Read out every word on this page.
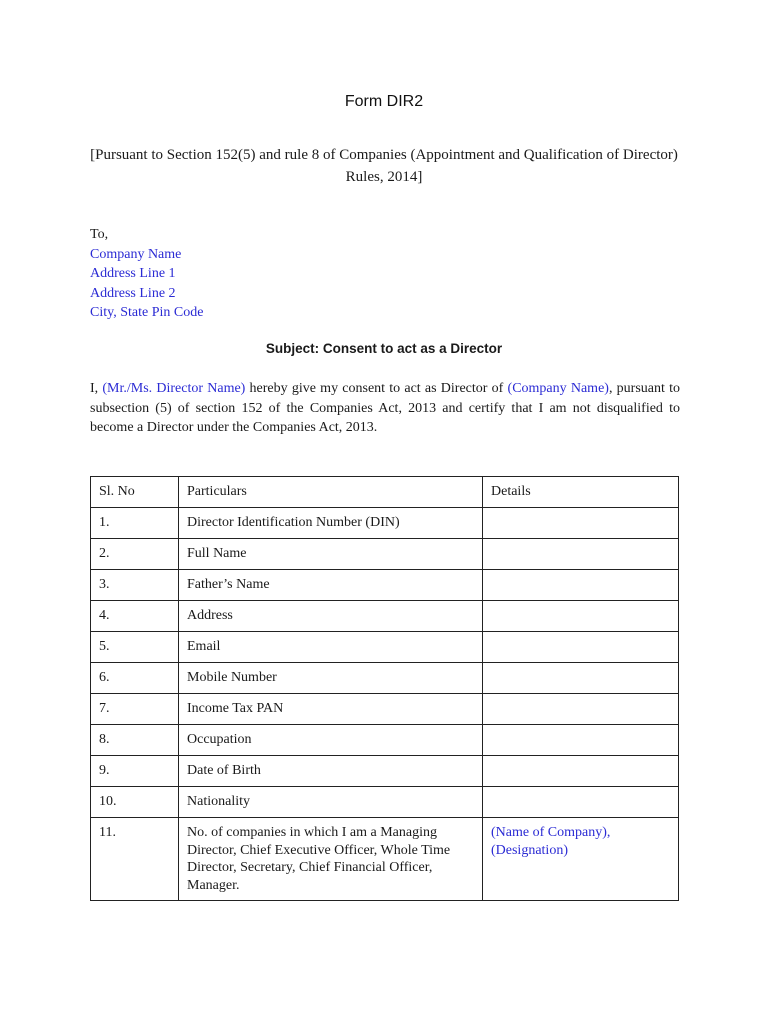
Form DIR2
[Pursuant to Section 152(5) and rule 8 of Companies (Appointment and Qualification of Director)
Rules, 2014]
To,
Company Name
Address Line 1
Address Line 2
City, State Pin Code
Subject: Consent to act as a Director
I, (Mr./Ms. Director Name) hereby give my consent to act as Director of (Company Name), pursuant to subsection (5) of section 152 of the Companies Act, 2013 and certify that I am not disqualified to become a Director under the Companies Act, 2013.
Sl. No	Particulars	Details
1.	Director Identification Number (DIN)	
2.	Full Name	
3.	Father’s Name	
4.	Address	
5.	Email	
6.	Mobile Number	
7.	Income Tax PAN	
8.	Occupation	
9.	Date of Birth	
10.	Nationality	
11.	No. of companies in which I am a Managing Director, Chief Executive Officer, Whole Time Director, Secretary, Chief Financial Officer, Manager.	(Name of Company), (Designation)
